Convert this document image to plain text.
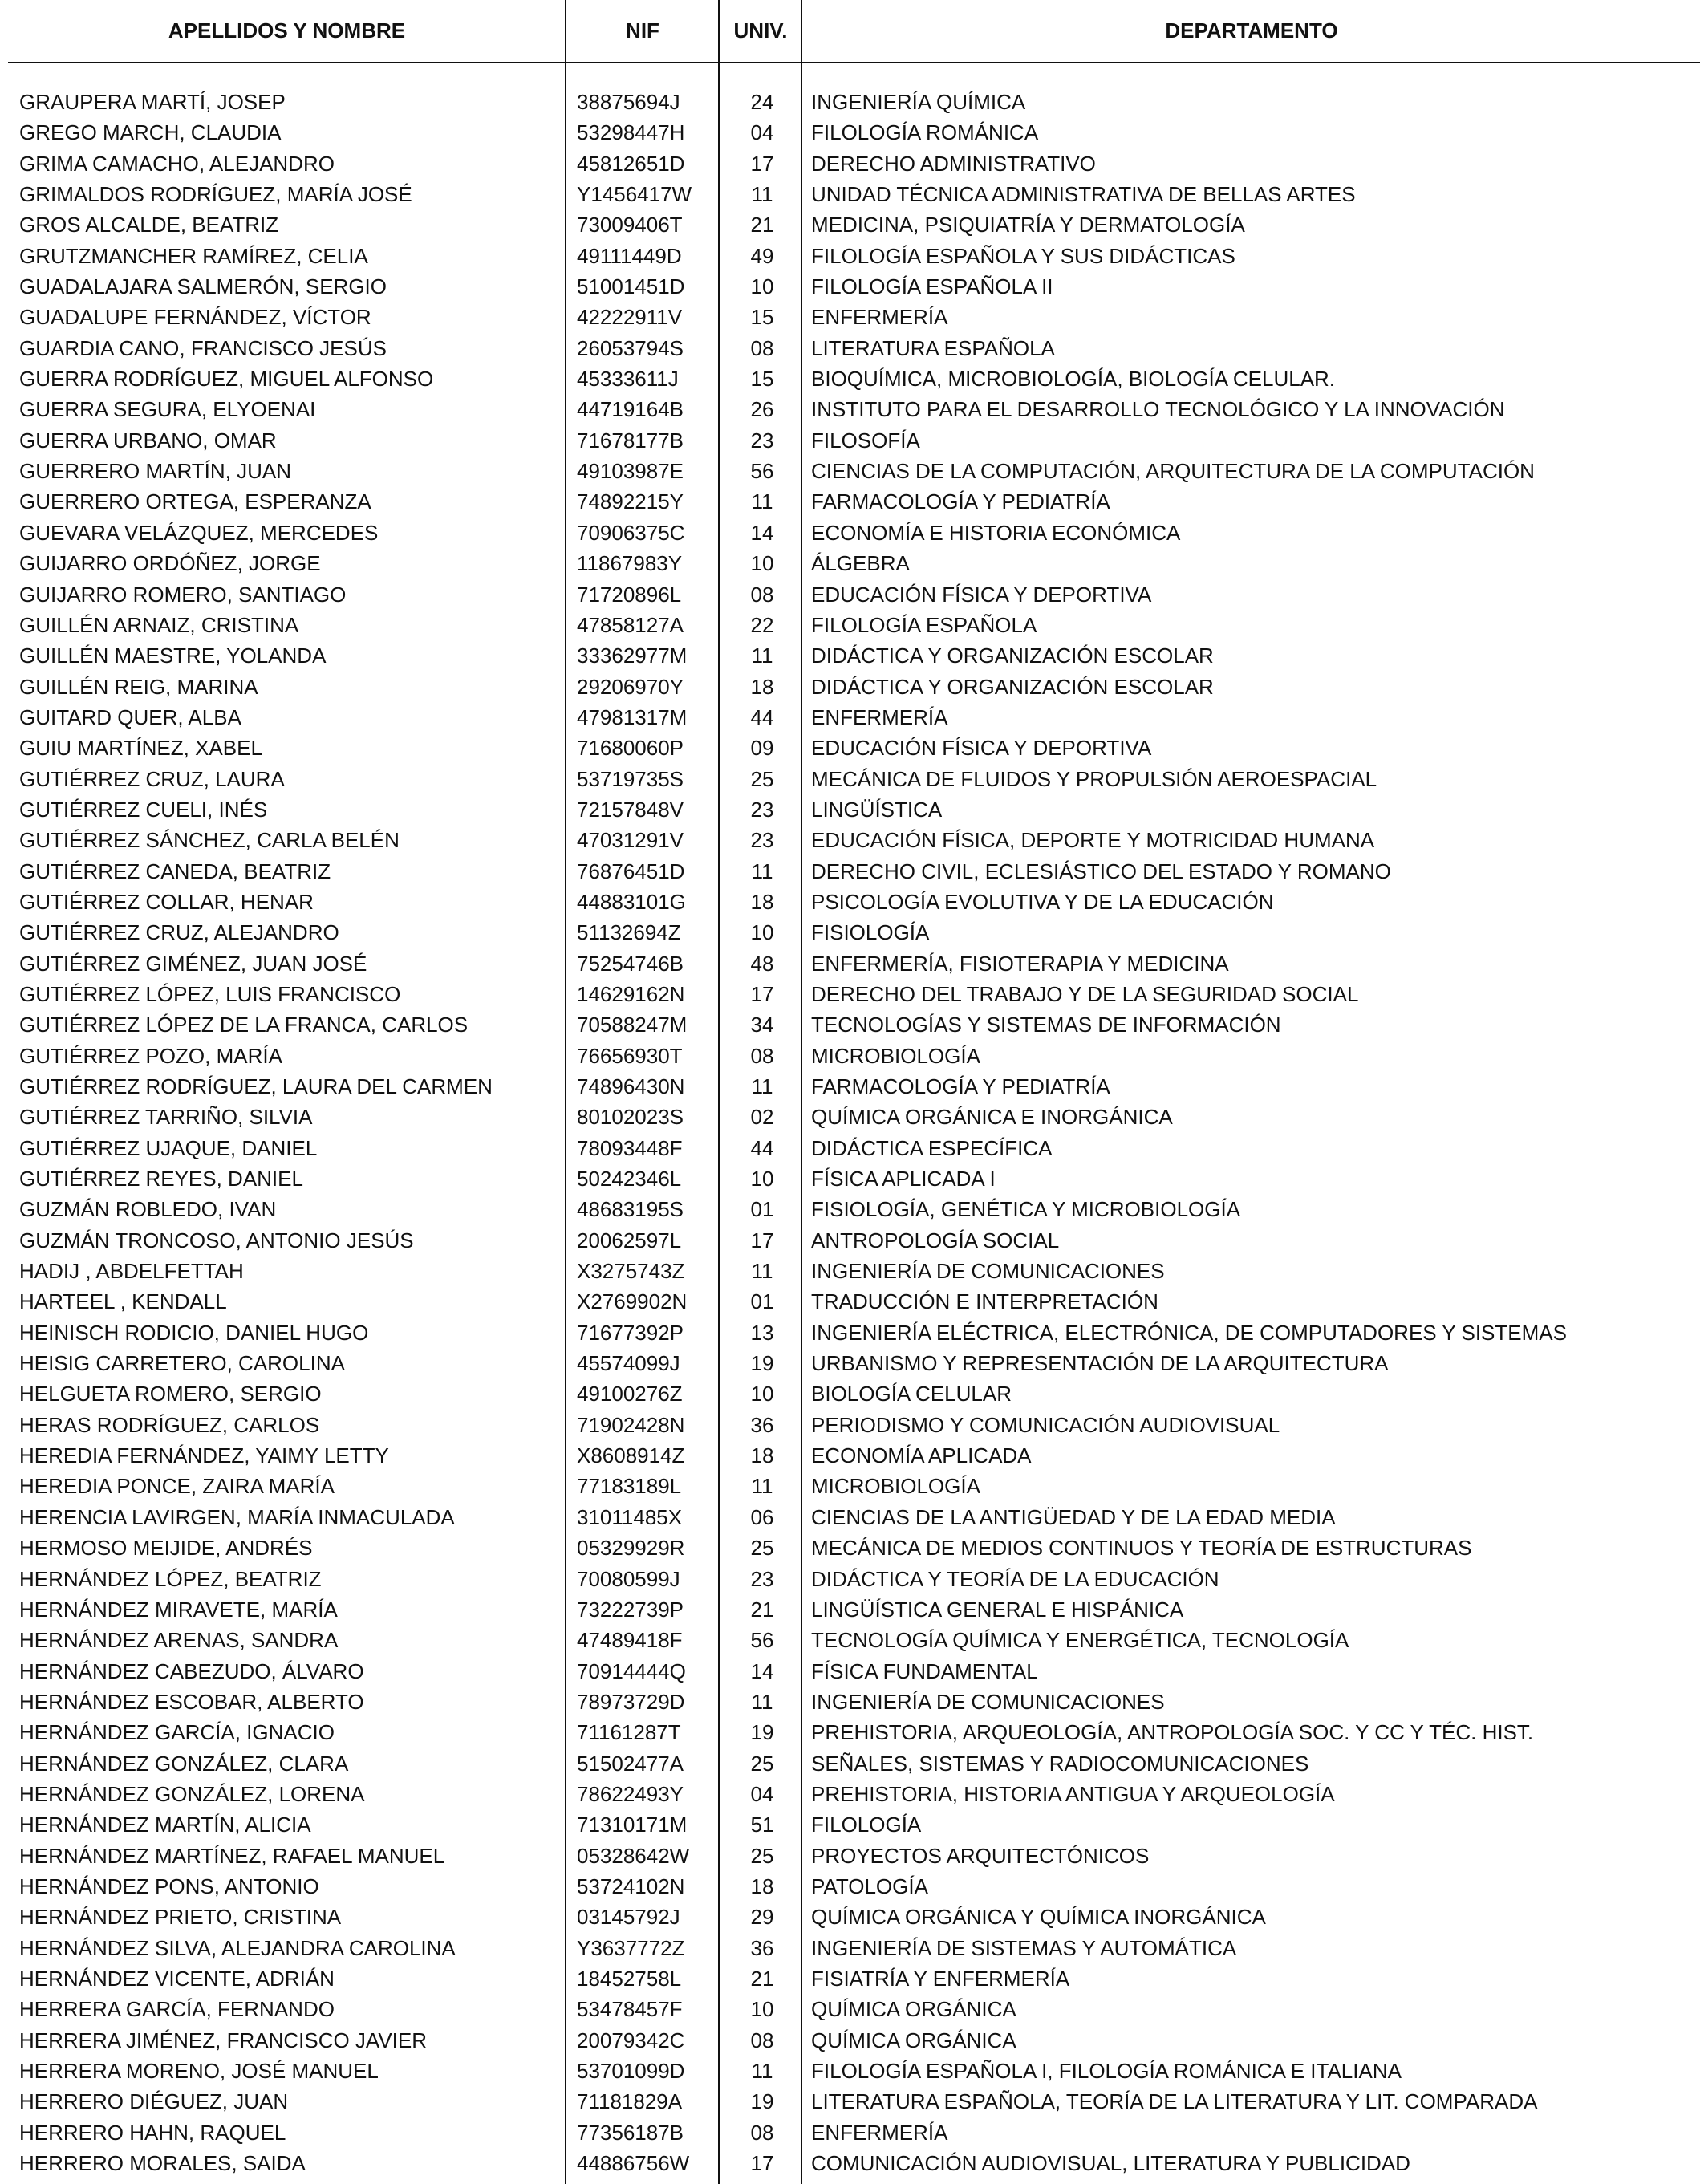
APELLIDOS Y NOMBRE	NIF	UNIV.	DEPARTAMENTO
GRAUPERA MARTÍ, JOSEP	38875694J	24	INGENIERÍA QUÍMICA
GREGO MARCH, CLAUDIA	53298447H	04	FILOLOGÍA ROMÁNICA
GRIMA CAMACHO, ALEJANDRO	45812651D	17	DERECHO ADMINISTRATIVO
GRIMALDOS RODRÍGUEZ, MARÍA JOSÉ	Y1456417W	11	UNIDAD TÉCNICA ADMINISTRATIVA DE BELLAS ARTES
GROS ALCALDE, BEATRIZ	73009406T	21	MEDICINA, PSIQUIATRÍA Y DERMATOLOGÍA
GRUTZMANCHER RAMÍREZ, CELIA	49111449D	49	FILOLOGÍA ESPAÑOLA Y SUS DIDÁCTICAS
GUADALAJARA SALMERÓN, SERGIO	51001451D	10	FILOLOGÍA ESPAÑOLA II
GUADALUPE FERNÁNDEZ, VÍCTOR	42222911V	15	ENFERMERÍA
GUARDIA CANO, FRANCISCO JESÚS	26053794S	08	LITERATURA ESPAÑOLA
GUERRA RODRÍGUEZ, MIGUEL ALFONSO	45333611J	15	BIOQUÍMICA, MICROBIOLOGÍA, BIOLOGÍA CELULAR.
GUERRA SEGURA, ELYOENAI	44719164B	26	INSTITUTO PARA EL DESARROLLO TECNOLÓGICO Y LA INNOVACIÓN
GUERRA URBANO, OMAR	71678177B	23	FILOSOFÍA
GUERRERO MARTÍN, JUAN	49103987E	56	CIENCIAS DE LA COMPUTACIÓN, ARQUITECTURA DE LA COMPUTACIÓN
GUERRERO ORTEGA, ESPERANZA	74892215Y	11	FARMACOLOGÍA Y PEDIATRÍA
GUEVARA VELÁZQUEZ, MERCEDES	70906375C	14	ECONOMÍA E HISTORIA ECONÓMICA
GUIJARRO ORDÓÑEZ, JORGE	11867983Y	10	ÁLGEBRA
GUIJARRO ROMERO, SANTIAGO	71720896L	08	EDUCACIÓN FÍSICA Y DEPORTIVA
GUILLÉN ARNAIZ, CRISTINA	47858127A	22	FILOLOGÍA ESPAÑOLA
GUILLÉN MAESTRE, YOLANDA	33362977M	11	DIDÁCTICA Y ORGANIZACIÓN ESCOLAR
GUILLÉN REIG, MARINA	29206970Y	18	DIDÁCTICA Y ORGANIZACIÓN ESCOLAR
GUITARD QUER, ALBA	47981317M	44	ENFERMERÍA
GUIU MARTÍNEZ, XABEL	71680060P	09	EDUCACIÓN FÍSICA Y DEPORTIVA
GUTIÉRREZ CRUZ, LAURA	53719735S	25	MECÁNICA DE FLUIDOS Y PROPULSIÓN AEROESPACIAL
GUTIÉRREZ CUELI, INÉS	72157848V	23	LINGÜÍSTICA
GUTIÉRREZ SÁNCHEZ, CARLA BELÉN	47031291V	23	EDUCACIÓN FÍSICA, DEPORTE Y MOTRICIDAD HUMANA
GUTIÉRREZ CANEDA, BEATRIZ	76876451D	11	DERECHO CIVIL, ECLESIÁSTICO DEL ESTADO Y ROMANO
GUTIÉRREZ COLLAR, HENAR	44883101G	18	PSICOLOGÍA EVOLUTIVA Y DE LA EDUCACIÓN
GUTIÉRREZ CRUZ, ALEJANDRO	51132694Z	10	FISIOLOGÍA
GUTIÉRREZ GIMÉNEZ, JUAN JOSÉ	75254746B	48	ENFERMERÍA, FISIOTERAPIA Y MEDICINA
GUTIÉRREZ LÓPEZ, LUIS FRANCISCO	14629162N	17	DERECHO DEL TRABAJO Y DE LA SEGURIDAD SOCIAL
GUTIÉRREZ LÓPEZ DE LA FRANCA, CARLOS	70588247M	34	TECNOLOGÍAS Y SISTEMAS DE INFORMACIÓN
GUTIÉRREZ POZO, MARÍA	76656930T	08	MICROBIOLOGÍA
GUTIÉRREZ RODRÍGUEZ, LAURA DEL CARMEN	74896430N	11	FARMACOLOGÍA Y PEDIATRÍA
GUTIÉRREZ TARRIÑO, SILVIA	80102023S	02	QUÍMICA ORGÁNICA E INORGÁNICA
GUTIÉRREZ UJAQUE, DANIEL	78093448F	44	DIDÁCTICA ESPECÍFICA
GUTIÉRREZ REYES, DANIEL	50242346L	10	FÍSICA APLICADA I
GUZMÁN ROBLEDO, IVAN	48683195S	01	FISIOLOGÍA, GENÉTICA Y MICROBIOLOGÍA
GUZMÁN TRONCOSO, ANTONIO JESÚS	20062597L	17	ANTROPOLOGÍA SOCIAL
HADIJ , ABDELFETTAH	X3275743Z	11	INGENIERÍA DE COMUNICACIONES
HARTEEL , KENDALL	X2769902N	01	TRADUCCIÓN E INTERPRETACIÓN
HEINISCH RODICIO, DANIEL HUGO	71677392P	13	INGENIERÍA ELÉCTRICA, ELECTRÓNICA, DE COMPUTADORES Y SISTEMAS
HEISIG CARRETERO, CAROLINA	45574099J	19	URBANISMO Y REPRESENTACIÓN DE LA ARQUITECTURA
HELGUETA ROMERO, SERGIO	49100276Z	10	BIOLOGÍA CELULAR
HERAS RODRÍGUEZ, CARLOS	71902428N	36	PERIODISMO Y COMUNICACIÓN AUDIOVISUAL
HEREDIA FERNÁNDEZ, YAIMY LETTY	X8608914Z	18	ECONOMÍA APLICADA
HEREDIA PONCE, ZAIRA MARÍA	77183189L	11	MICROBIOLOGÍA
HERENCIA LAVIRGEN, MARÍA INMACULADA	31011485X	06	CIENCIAS DE LA ANTIGÜEDAD Y DE LA EDAD MEDIA
HERMOSO MEIJIDE, ANDRÉS	05329929R	25	MECÁNICA DE MEDIOS CONTINUOS Y TEORÍA DE ESTRUCTURAS
HERNÁNDEZ LÓPEZ, BEATRIZ	70080599J	23	DIDÁCTICA Y TEORÍA DE LA EDUCACIÓN
HERNÁNDEZ MIRAVETE, MARÍA	73222739P	21	LINGÜÍSTICA GENERAL E HISPÁNICA
HERNÁNDEZ ARENAS, SANDRA	47489418F	56	TECNOLOGÍA QUÍMICA Y ENERGÉTICA, TECNOLOGÍA
HERNÁNDEZ CABEZUDO, ÁLVARO	70914444Q	14	FÍSICA FUNDAMENTAL
HERNÁNDEZ ESCOBAR, ALBERTO	78973729D	11	INGENIERÍA DE COMUNICACIONES
HERNÁNDEZ GARCÍA, IGNACIO	71161287T	19	PREHISTORIA, ARQUEOLOGÍA, ANTROPOLOGÍA SOC. Y CC Y TÉC. HIST.
HERNÁNDEZ GONZÁLEZ, CLARA	51502477A	25	SEÑALES, SISTEMAS Y RADIOCOMUNICACIONES
HERNÁNDEZ GONZÁLEZ, LORENA	78622493Y	04	PREHISTORIA, HISTORIA ANTIGUA Y ARQUEOLOGÍA
HERNÁNDEZ MARTÍN, ALICIA	71310171M	51	FILOLOGÍA
HERNÁNDEZ MARTÍNEZ, RAFAEL MANUEL	05328642W	25	PROYECTOS ARQUITECTÓNICOS
HERNÁNDEZ PONS, ANTONIO	53724102N	18	PATOLOGÍA
HERNÁNDEZ PRIETO, CRISTINA	03145792J	29	QUÍMICA ORGÁNICA Y QUÍMICA INORGÁNICA
HERNÁNDEZ SILVA, ALEJANDRA CAROLINA	Y3637772Z	36	INGENIERÍA DE SISTEMAS Y AUTOMÁTICA
HERNÁNDEZ VICENTE, ADRIÁN	18452758L	21	FISIATRÍA Y ENFERMERÍA
HERRERA GARCÍA, FERNANDO	53478457F	10	QUÍMICA ORGÁNICA
HERRERA JIMÉNEZ, FRANCISCO JAVIER	20079342C	08	QUÍMICA ORGÁNICA
HERRERA MORENO, JOSÉ MANUEL	53701099D	11	FILOLOGÍA ESPAÑOLA I, FILOLOGÍA ROMÁNICA E ITALIANA
HERRERO DIÉGUEZ, JUAN	71181829A	19	LITERATURA ESPAÑOLA, TEORÍA DE LA LITERATURA Y LIT. COMPARADA
HERRERO HAHN, RAQUEL	77356187B	08	ENFERMERÍA
HERRERO MORALES, SAIDA	44886756W	17	COMUNICACIÓN AUDIOVISUAL, LITERATURA Y PUBLICIDAD
